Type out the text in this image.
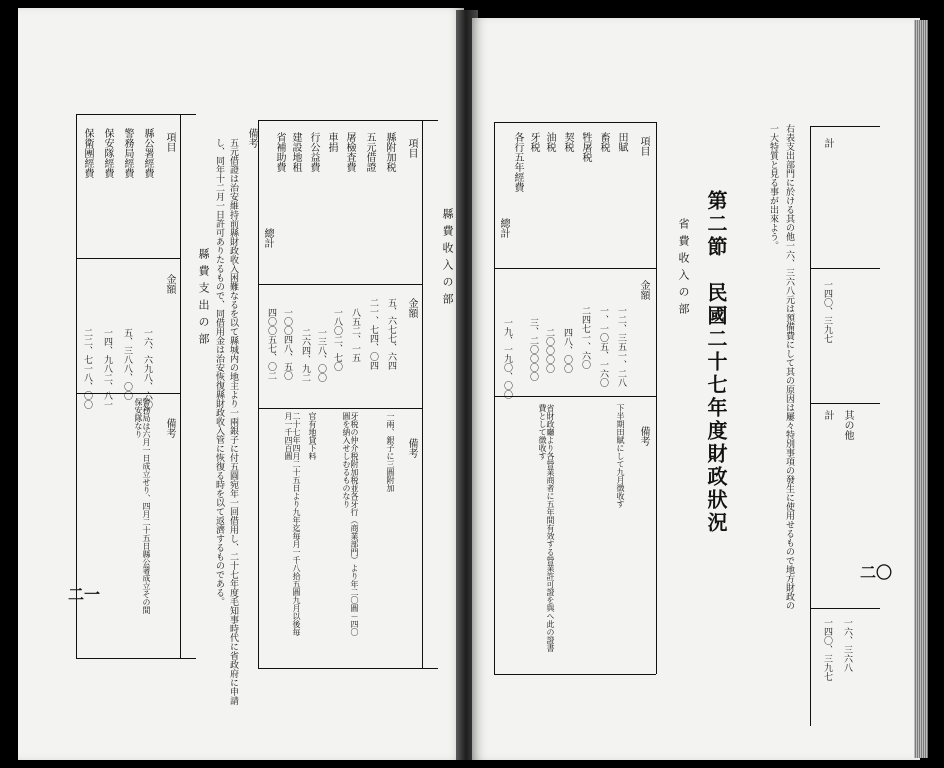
項目
金額
備考
縣公署經費
警務局經費
保安隊經費
保衛團經費
一六、六九八、六〇
五、三八八、〇〇
一四、九八二、八一
二二、七一八、〇〇
警務局は六月一日成立せり、四月二十五日縣公署成立その間保安隊なり
縣費支出の部 し、同年十二月一日許可ありたるもので、同借用金は治安恢復縣財政收入管に恢復る時を以て返濟するものである。 五元借證は治安維持前縣財政收入困難なるを以て縣城内の地主より一兩銀子に付五圓宛年一回借用し、二十七年度毛知事時代に省政府に申請 備考	項目
金額
備考
縣附加税
五元借證
屠檢査費
車捐
行公益費
建設地租
省補助費
總計
五、六七七、六四
二一、七四、〇四
八五二、一五
一八〇二、七〇
一三八、〇〇
二六四、九二
一〇〇四八、五〇
四〇〇五七、〇二
一兩、銀子に三圓附加
牙税の仲介税附加税並各牙行（商業部門）より年二〇圓－四〇圓を納入せしむるものなり
官有地貸下料
二十七年四月二十五日より九年迄毎月一千八拾五圓九月以後毎月一千四百圓
縣費收入の部
二一
計
一四〇、三九七
其の他
計
一六、三六八
一四〇、三九七
二〇
右表支出部門に於ける其の他一六、三六八元は預備費にして其の原因は屢々特別事項の發生に使用せるもので地方財政の
一大特質と見る事が出來よう。
第二節　民國二十七年度財政狀況
省費收入の部
項目
金額
備考
田賦
畜税
牲屠税
契税
油税
牙税
各行五年經費
總計
一二、三五一、二八
一、一〇五、一六〇
二四七一、六〇
四八、〇〇
二〇〇〇〇
三、二〇〇〇〇
一九、一九〇、〇〇
下半期田賦にして九月徴收す
省財政廳より各營業商者に五年間有效する營業許可證を與へ此の證書費として徴收す
